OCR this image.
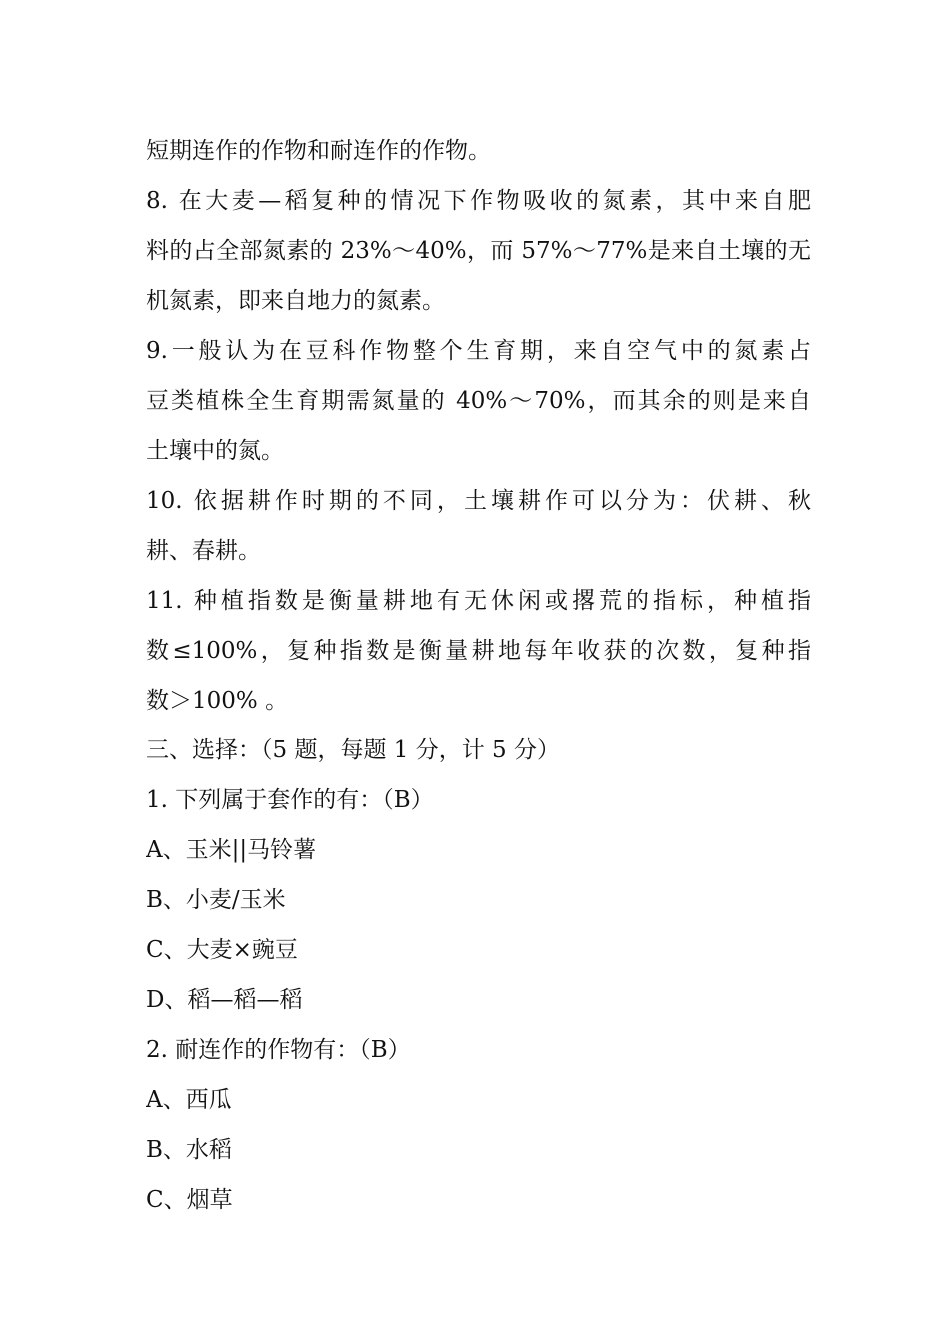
短期连作的作物和耐连作的作物。
8. 在大麦—稻复种的情况下作物吸收的氮素，其中来自肥
料的占全部氮素的 23%～40%，而 57%～77%是来自土壤的无
机氮素，即来自地力的氮素。
9.一般认为在豆科作物整个生育期，来自空气中的氮素占
豆类植株全生育期需氮量的 40%～70%，而其余的则是来自
土壤中的氮。
10. 依据耕作时期的不同，土壤耕作可以分为：伏耕、秋
耕、春耕。
11. 种植指数是衡量耕地有无休闲或撂荒的指标，种植指
数≤100%，复种指数是衡量耕地每年收获的次数，复种指
数＞100% 。
三、选择：（5 题，每题 1 分，计 5 分）
1. 下列属于套作的有：（B）
A、玉米||马铃薯
B、小麦/玉米
C、大麦×豌豆
D、稻—稻—稻
2. 耐连作的作物有：（B）
A、西瓜
B、水稻
C、烟草
